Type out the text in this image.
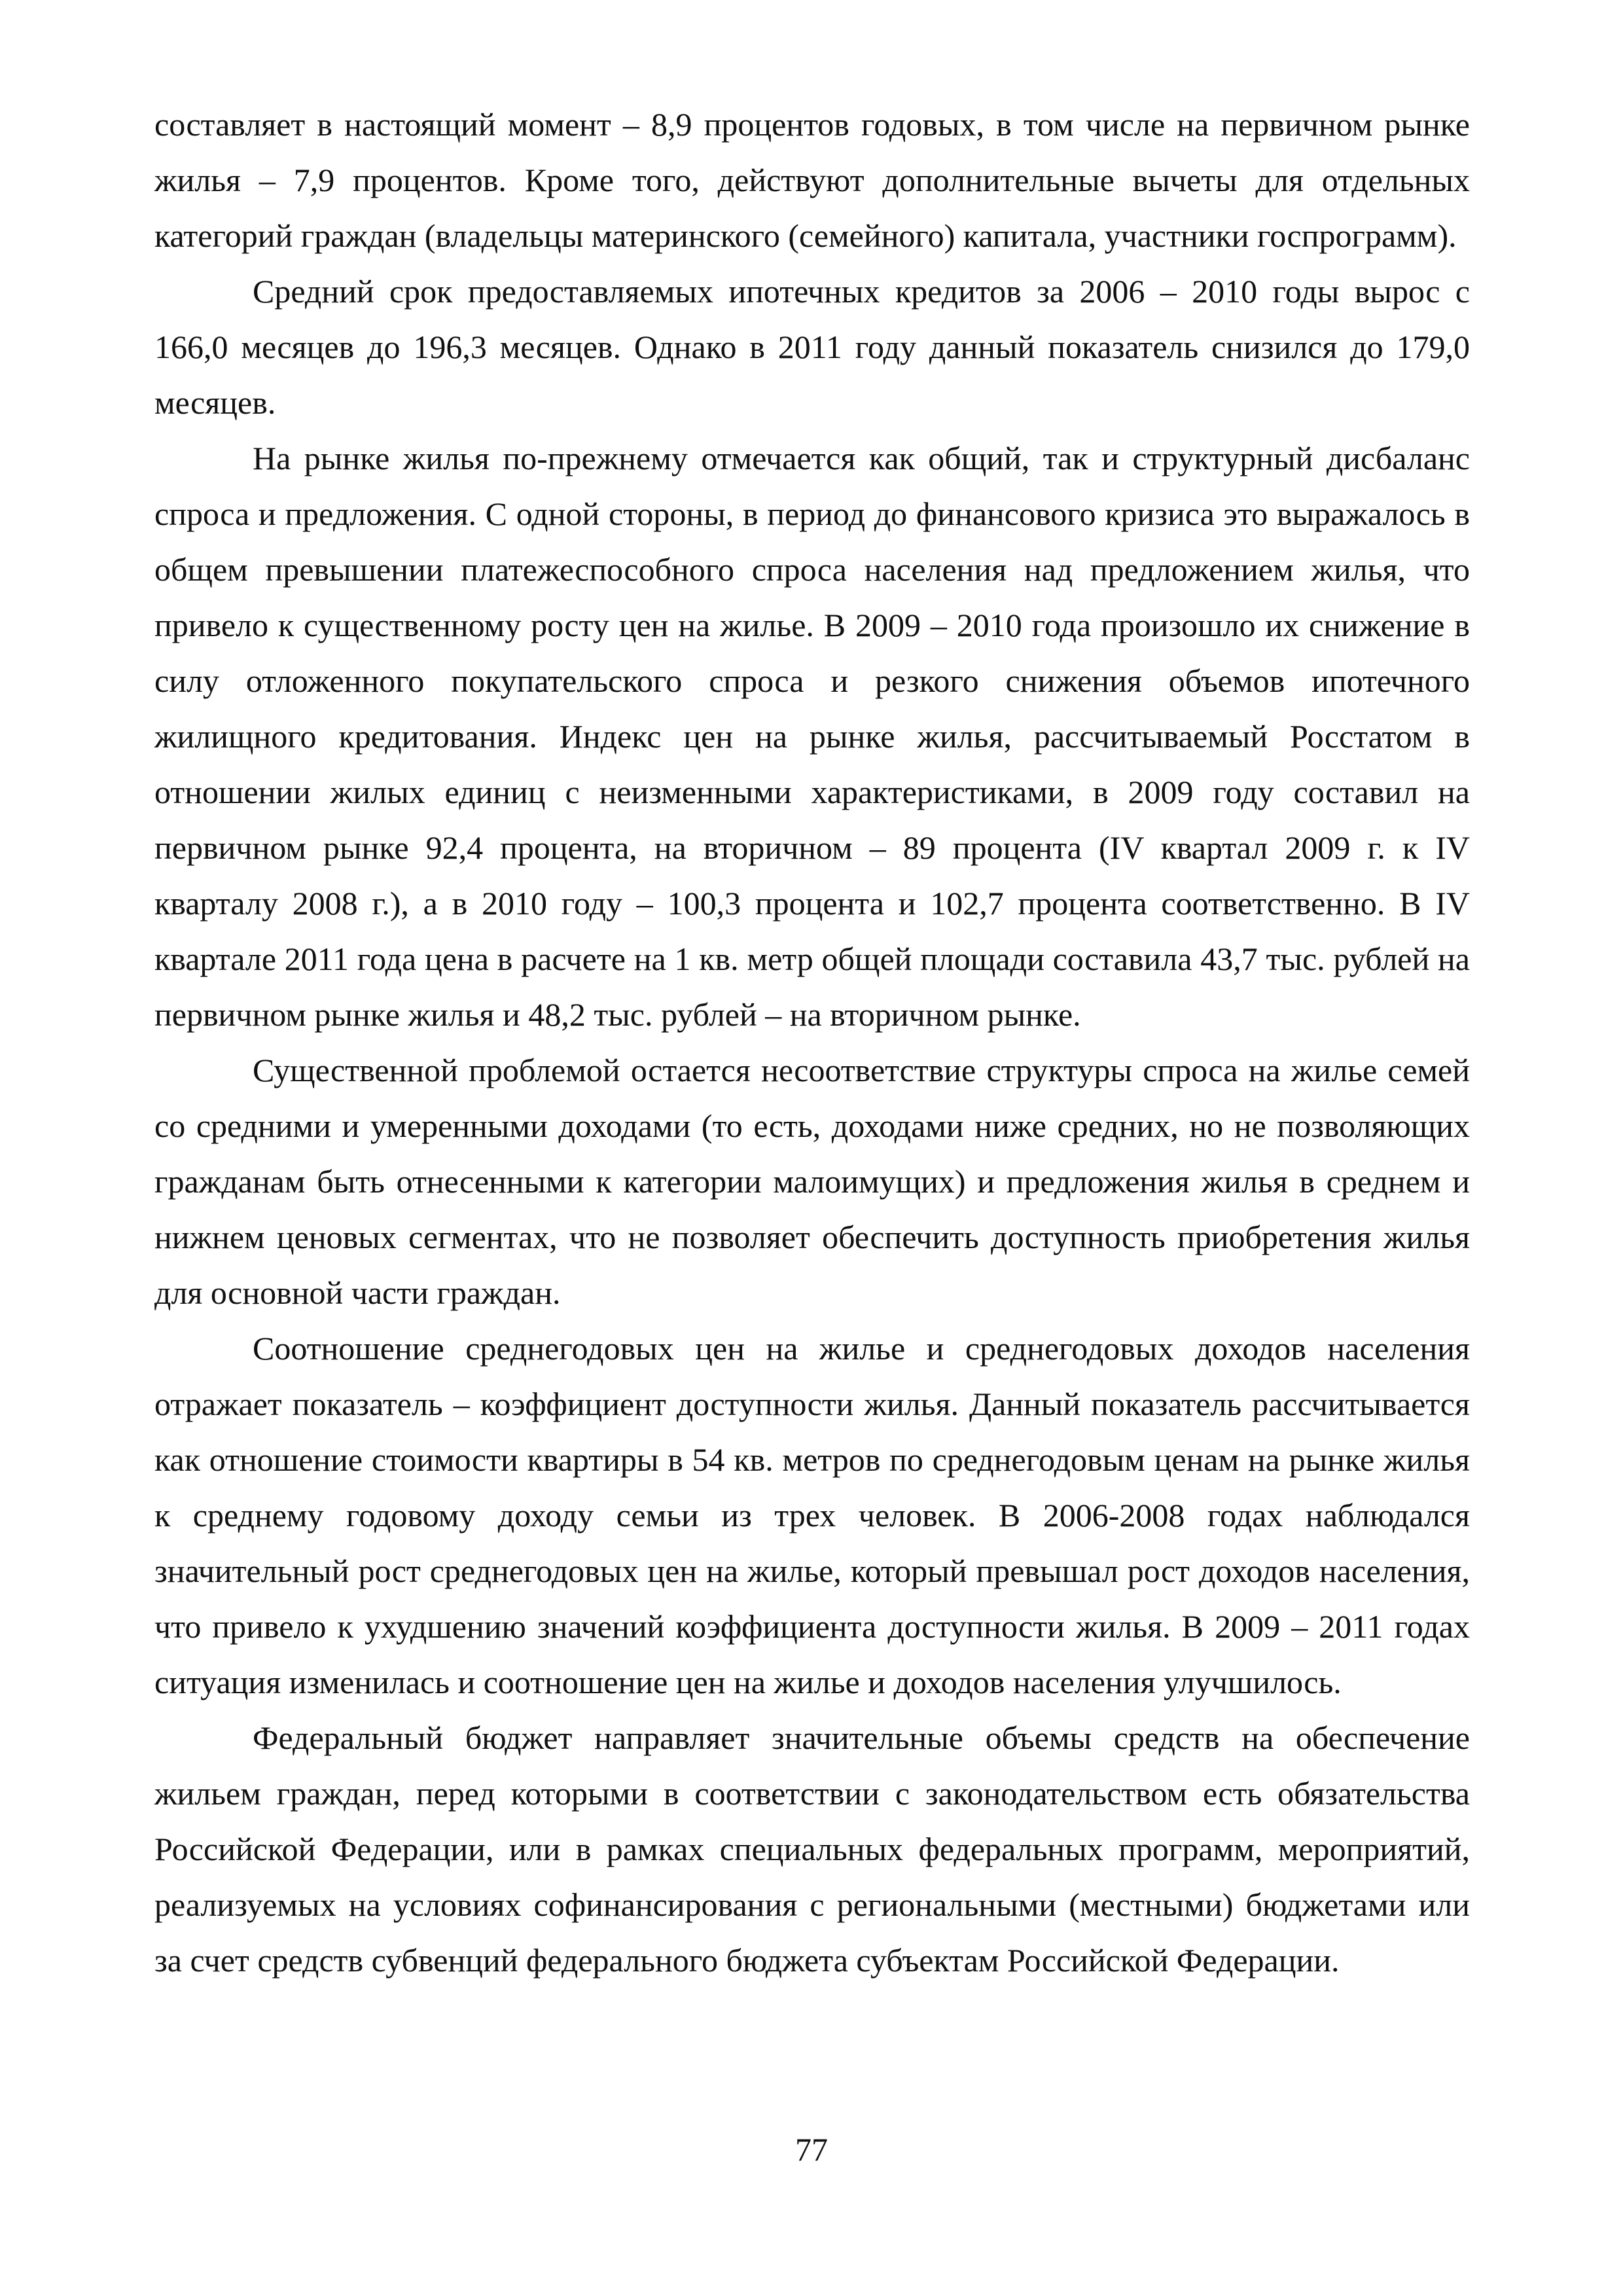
составляет в настоящий момент – 8,9 процентов годовых, в том числе на первичном рынке жилья – 7,9 процентов. Кроме того, действуют дополнительные вычеты для отдельных категорий граждан (владельцы материнского (семейного) капитала, участники госпрограмм).

Средний срок предоставляемых ипотечных кредитов за 2006 – 2010 годы вырос с 166,0 месяцев до 196,3 месяцев. Однако в 2011 году данный показатель снизился до 179,0 месяцев.

На рынке жилья по-прежнему отмечается как общий, так и структурный дисбаланс спроса и предложения. С одной стороны, в период до финансового кризиса это выражалось в общем превышении платежеспособного спроса населения над предложением жилья, что привело к существенному росту цен на жилье. В 2009 – 2010 года произошло их снижение в силу отложенного покупательского спроса и резкого снижения объемов ипотечного жилищного кредитования. Индекс цен на рынке жилья, рассчитываемый Росстатом в отношении жилых единиц с неизменными характеристиками, в 2009 году составил на первичном рынке 92,4 процента, на вторичном – 89 процента (IV квартал 2009 г. к IV кварталу 2008 г.), а в 2010 году – 100,3 процента и 102,7 процента соответственно. В IV квартале 2011 года цена в расчете на 1 кв. метр общей площади составила 43,7 тыс. рублей на первичном рынке жилья и 48,2 тыс. рублей – на вторичном рынке.

Существенной проблемой остается несоответствие структуры спроса на жилье семей со средними и умеренными доходами (то есть, доходами ниже средних, но не позволяющих гражданам быть отнесенными к категории малоимущих) и предложения жилья в среднем и нижнем ценовых сегментах, что не позволяет обеспечить доступность приобретения жилья для основной части граждан.

Соотношение среднегодовых цен на жилье и среднегодовых доходов населения отражает показатель – коэффициент доступности жилья. Данный показатель рассчитывается как отношение стоимости квартиры в 54 кв. метров по среднегодовым ценам на рынке жилья к среднему годовому доходу семьи из трех человек. В 2006-2008 годах наблюдался значительный рост среднегодовых цен на жилье, который превышал рост доходов населения, что привело к ухудшению значений коэффициента доступности жилья. В 2009 – 2011 годах ситуация изменилась и соотношение цен на жилье и доходов населения улучшилось.

Федеральный бюджет направляет значительные объемы средств на обеспечение жильем граждан, перед которыми в соответствии с законодательством есть обязательства Российской Федерации, или в рамках специальных федеральных программ, мероприятий, реализуемых на условиях софинансирования с региональными (местными) бюджетами или за счет средств субвенций федерального бюджета субъектам Российской Федерации.

77
